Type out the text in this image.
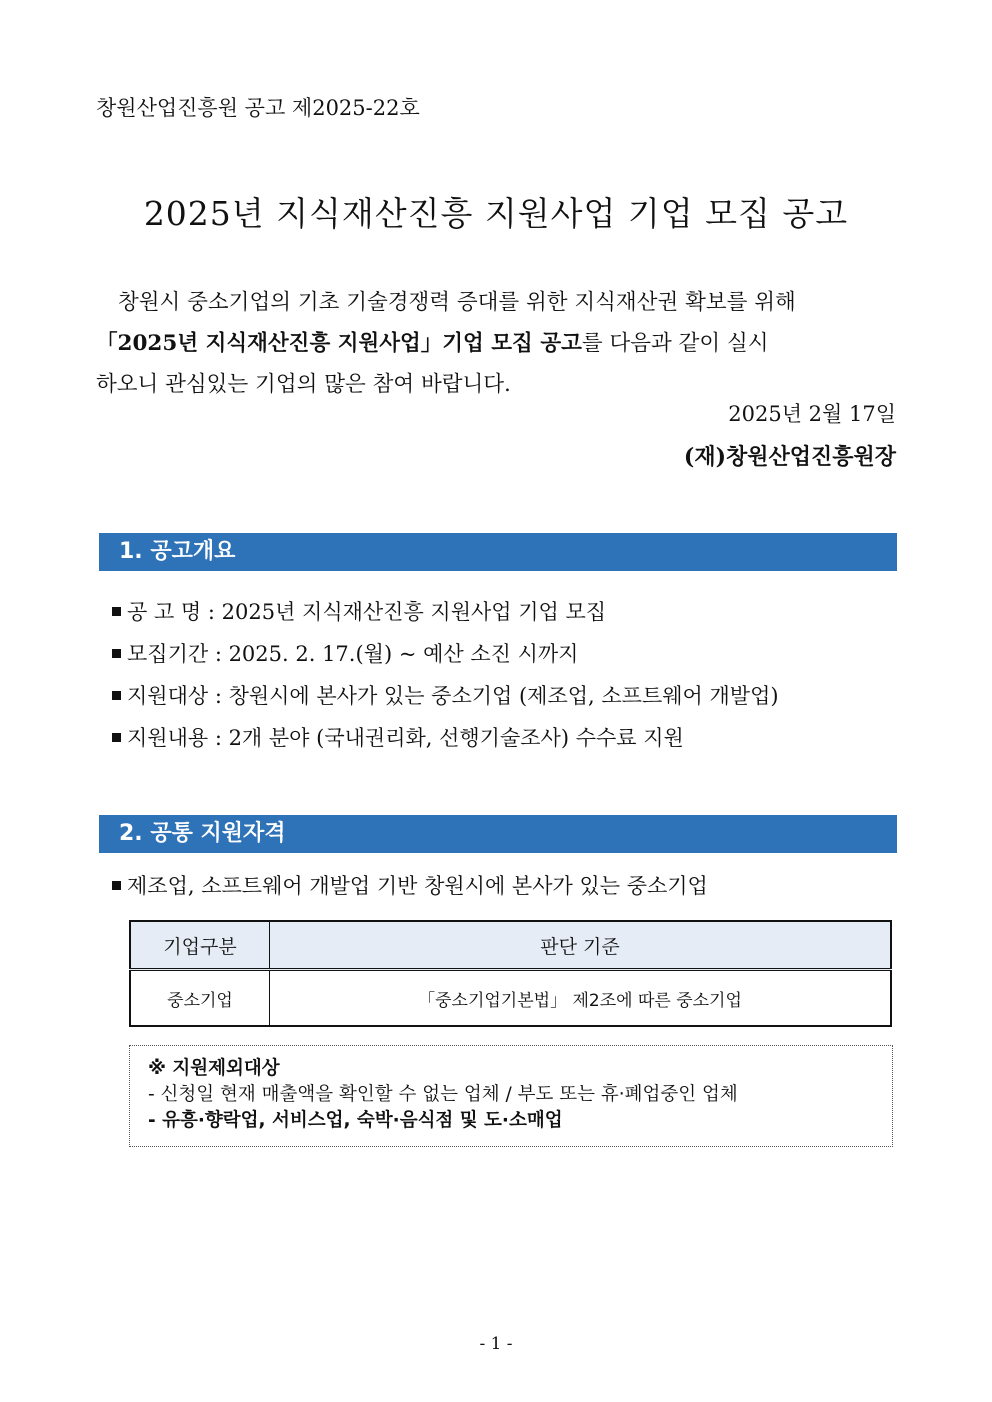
창원산업진흥원 공고 제2025-22호
2025년 지식재산진흥 지원사업 기업 모집 공고
창원시 중소기업의 기초 기술경쟁력 증대를 위한 지식재산권 확보를 위해
「2025년 지식재산진흥 지원사업」기업 모집 공고를 다음과 같이 실시
하오니 관심있는 기업의 많은 참여 바랍니다.
2025년 2월 17일
(재)창원산업진흥원장
1. 공고개요
공 고 명 : 2025년 지식재산진흥 지원사업 기업 모집
모집기간 : 2025. 2. 17.(월) ~ 예산 소진 시까지
지원대상 : 창원시에 본사가 있는 중소기업 (제조업, 소프트웨어 개발업)
지원내용 : 2개 분야 (국내권리화, 선행기술조사) 수수료 지원
2. 공통 지원자격
제조업, 소프트웨어 개발업 기반 창원시에 본사가 있는 중소기업
기업구분	판단 기준
중소기업	「중소기업기본법」 제2조에 따른 중소기업
※ 지원제외대상
- 신청일 현재 매출액을 확인할 수 없는 업체 / 부도 또는 휴·폐업중인 업체
- 유흥·향락업, 서비스업, 숙박·음식점 및 도·소매업
- 1 -
